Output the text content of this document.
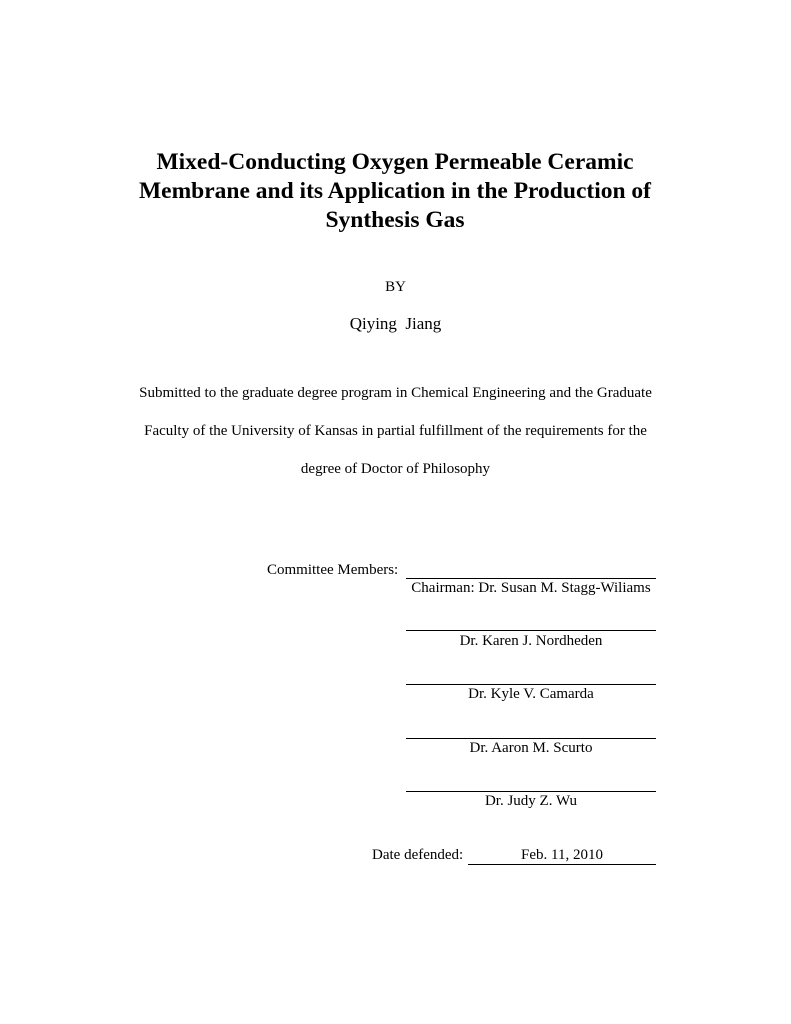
Mixed-Conducting Oxygen Permeable Ceramic
Membrane and its Application in the Production of
Synthesis Gas
BY
Qiying  Jiang
Submitted to the graduate degree program in Chemical Engineering and the Graduate
Faculty of the University of Kansas in partial fulfillment of the requirements for the
degree of Doctor of Philosophy
Committee Members:
Chairman: Dr. Susan M. Stagg-Wiliams
Dr. Karen J. Nordheden
Dr. Kyle V. Camarda
Dr. Aaron M. Scurto
Dr. Judy Z. Wu
Date defended:	Feb. 11, 2010
